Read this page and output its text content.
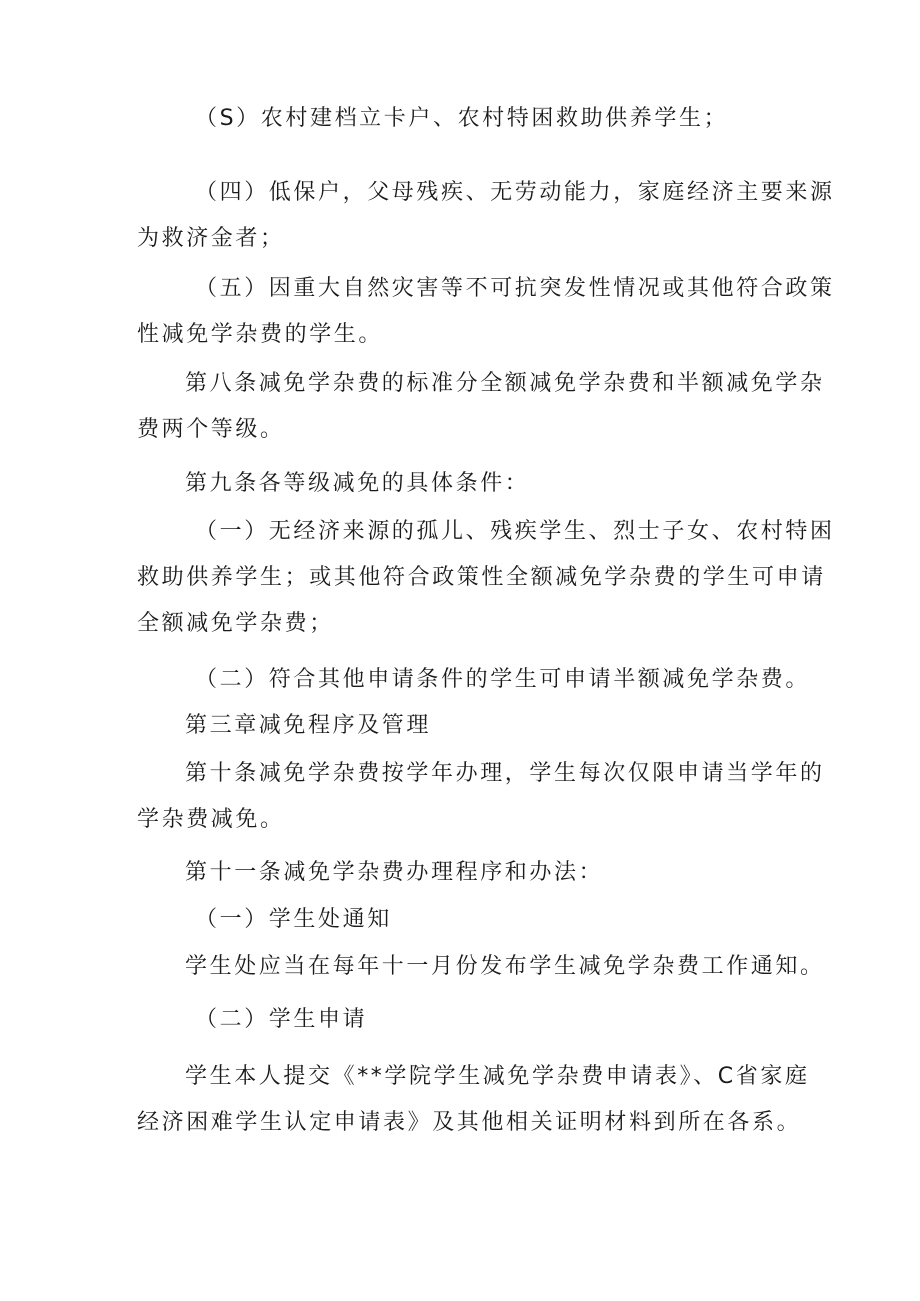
（S）农村建档立卡户、农村特困救助供养学生；
（四）低保户，父母残疾、无劳动能力，家庭经济主要来源
为救济金者；
（五）因重大自然灾害等不可抗突发性情况或其他符合政策
性减免学杂费的学生。
第八条减免学杂费的标准分全额减免学杂费和半额减免学杂
费两个等级。
第九条各等级减免的具体条件：
（一）无经济来源的孤儿、残疾学生、烈士子女、农村特困
救助供养学生；或其他符合政策性全额减免学杂费的学生可申请
全额减免学杂费；
（二）符合其他申请条件的学生可申请半额减免学杂费。
第三章减免程序及管理
第十条减免学杂费按学年办理，学生每次仅限申请当学年的
学杂费减免。
第十一条减免学杂费办理程序和办法：
（一）学生处通知
学生处应当在每年十一月份发布学生减免学杂费工作通知。
（二）学生申请
学生本人提交《**学院学生减免学杂费申请表》、C省家庭
经济困难学生认定申请表》及其他相关证明材料到所在各系。
